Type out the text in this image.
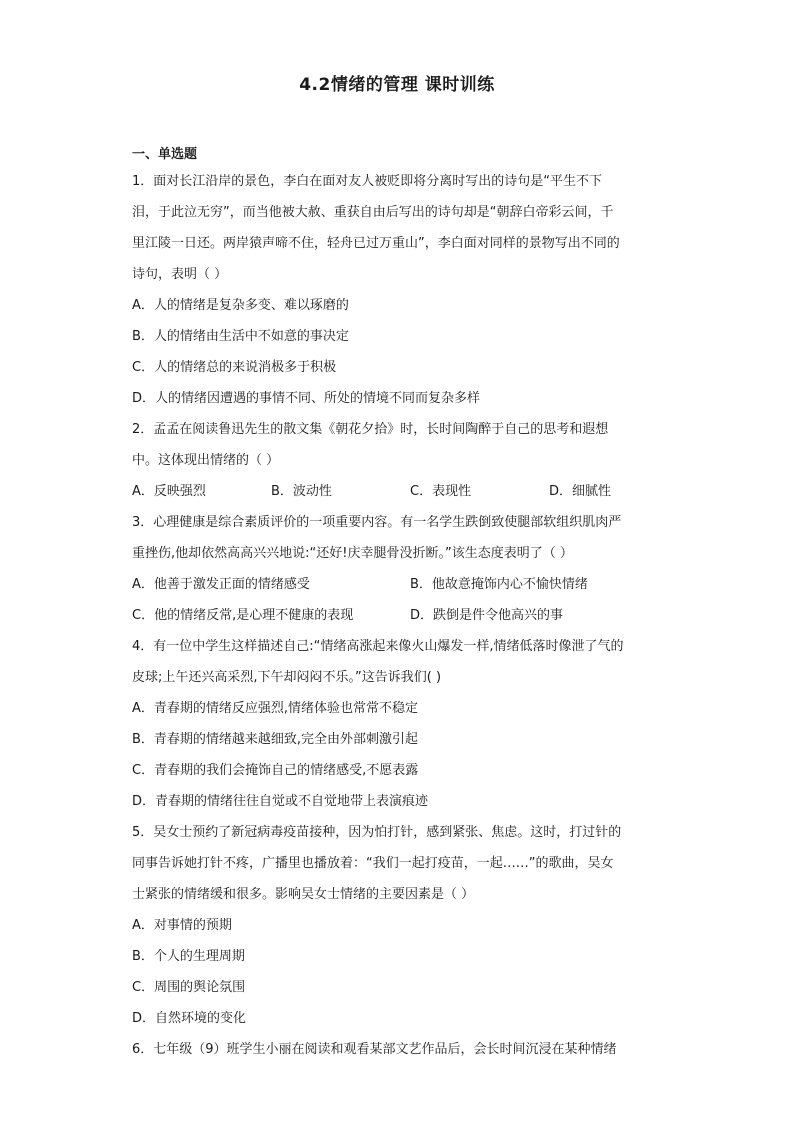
4.2情绪的管理 课时训练
一、单选题
1．面对长江沿岸的景色，李白在面对友人被贬即将分离时写出的诗句是“平生不下
泪，于此泣无穷”，而当他被大赦、重获自由后写出的诗句却是“朝辞白帝彩云间，千
里江陵一日还。两岸猿声啼不住，轻舟已过万重山”，李白面对同样的景物写出不同的
诗句，表明（ ）
A．人的情绪是复杂多变、难以琢磨的
B．人的情绪由生活中不如意的事决定
C．人的情绪总的来说消极多于积极
D．人的情绪因遭遇的事情不同、所处的情境不同而复杂多样
2．孟孟在阅读鲁迅先生的散文集《朝花夕拾》时，长时间陶醉于自己的思考和遐想
中。这体现出情绪的（ ）
A．反映强烈	B．波动性	C．表现性	D．细腻性
3．心理健康是综合素质评价的一项重要内容。有一名学生跌倒致使腿部软组织肌肉严
重挫伤,他却依然高高兴兴地说:“还好!庆幸腿骨没折断。”该生态度表明了（ ）
A．他善于激发正面的情绪感受	B．他故意掩饰内心不愉快情绪
C．他的情绪反常,是心理不健康的表现	D．跌倒是件令他高兴的事
4．有一位中学生这样描述自己:“情绪高涨起来像火山爆发一样,情绪低落时像泄了气的
皮球;上午还兴高采烈,下午却闷闷不乐。”这告诉我们( )
A．青春期的情绪反应强烈,情绪体验也常常不稳定
B．青春期的情绪越来越细致,完全由外部刺激引起
C．青春期的我们会掩饰自己的情绪感受,不愿表露
D．青春期的情绪往往自觉或不自觉地带上表演痕迹
5．吴女士预约了新冠病毒疫苗接种，因为怕打针，感到紧张、焦虑。这时，打过针的
同事告诉她打针不疼，广播里也播放着：“我们一起打疫苗，一起……”的歌曲，吴女
士紧张的情绪缓和很多。影响吴女士情绪的主要因素是（ ）
A．对事情的预期
B．个人的生理周期
C．周围的舆论氛围
D．自然环境的变化
6．七年级（9）班学生小丽在阅读和观看某部文艺作品后，会长时间沉浸在某种情绪
